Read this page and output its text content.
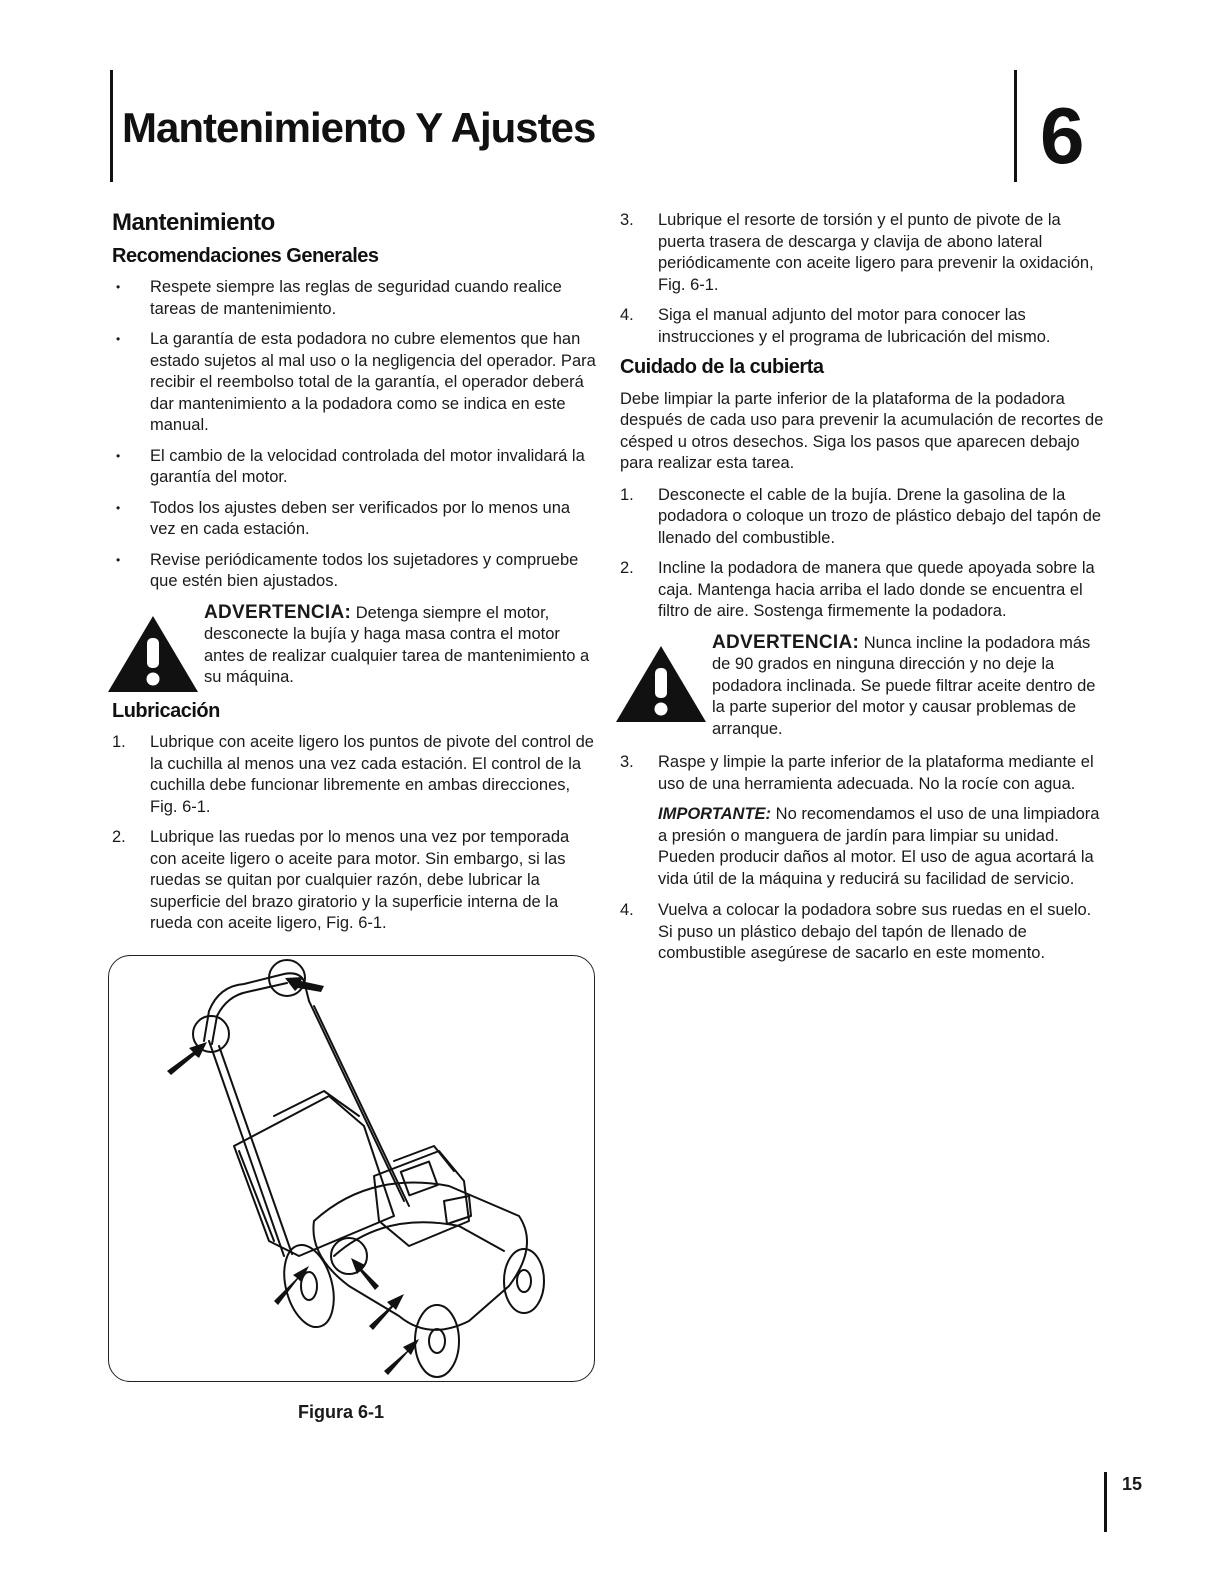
Mantenimiento Y Ajustes	6
Mantenimiento
Recomendaciones Generales
• Respete siempre las reglas de seguridad cuando realice tareas de mantenimiento.
• La garantía de esta podadora no cubre elementos que han estado sujetos al mal uso o la negligencia del operador. Para recibir el reembolso total de la garantía, el operador deberá dar mantenimiento a la podadora como se indica en este manual.
• El cambio de la velocidad controlada del motor invalidará la garantía del motor.
• Todos los ajustes deben ser verificados por lo menos una vez en cada estación.
• Revise periódicamente todos los sujetadores y compruebe que estén bien ajustados.
ADVERTENCIA: Detenga siempre el motor, desconecte la bujía y haga masa contra el motor antes de realizar cualquier tarea de mantenimiento a su máquina.
Lubricación
1. Lubrique con aceite ligero los puntos de pivote del control de la cuchilla al menos una vez cada estación. El control de la cuchilla debe funcionar libremente en ambas direcciones, Fig. 6-1.
2. Lubrique las ruedas por lo menos una vez por temporada con aceite ligero o aceite para motor. Sin embargo, si las ruedas se quitan por cualquier razón, debe lubricar la superficie del brazo giratorio y la superficie interna de la rueda con aceite ligero, Fig. 6-1.
Figura 6-1
3. Lubrique el resorte de torsión y el punto de pivote de la puerta trasera de descarga y clavija de abono lateral periódicamente con aceite ligero para prevenir la oxidación, Fig. 6-1.
4. Siga el manual adjunto del motor para conocer las instrucciones y el programa de lubricación del mismo.
Cuidado de la cubierta

Debe limpiar la parte inferior de la plataforma de la podadora después de cada uso para prevenir la acumulación de recortes de césped u otros desechos. Siga los pasos que aparecen debajo para realizar esta tarea.

1. Desconecte el cable de la bujía. Drene la gasolina de la podadora o coloque un trozo de plástico debajo del tapón de llenado del combustible.
2. Incline la podadora de manera que quede apoyada sobre la caja. Mantenga hacia arriba el lado donde se encuentra el filtro de aire. Sostenga firmemente la podadora.
ADVERTENCIA: Nunca incline la podadora más de 90 grados en ninguna dirección y no deje la podadora inclinada. Se puede filtrar aceite dentro de la parte superior del motor y causar problemas de arranque.
3. Raspe y limpie la parte inferior de la plataforma mediante el uso de una herramienta adecuada. No la rocíe con agua.

IMPORTANTE: No recomendamos el uso de una limpiadora a presión o manguera de jardín para limpiar su unidad. Pueden producir daños al motor. El uso de agua acortará la vida útil de la máquina y reducirá su facilidad de servicio.

4. Vuelva a colocar la podadora sobre sus ruedas en el suelo. Si puso un plástico debajo del tapón de llenado de combustible asegúrese de sacarlo en este momento.
15
